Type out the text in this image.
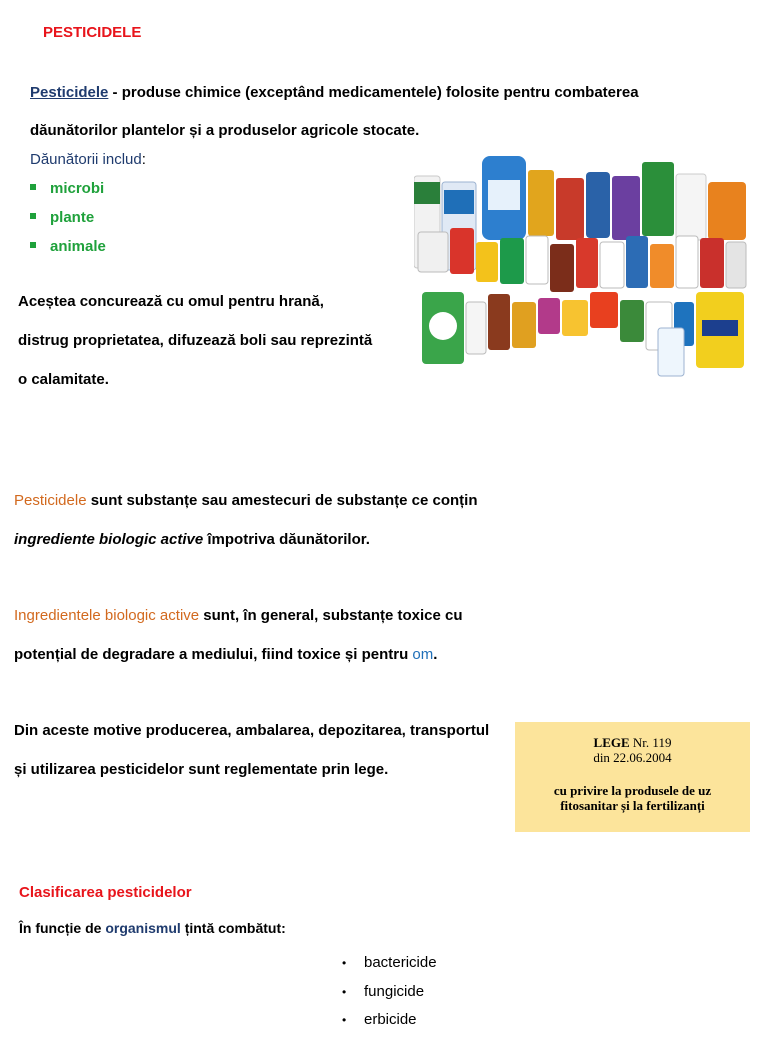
PESTICIDELE
Pesticidele - produse chimice (exceptând medicamentele) folosite pentru combaterea
dăunătorilor plantelor și a produselor agricole stocate.
Dăunătorii includ:
microbi
plante
animale
Aceștea concurează cu omul pentru hrană,
distrug proprietatea, difuzează boli sau reprezintă
o calamitate.
Pesticidele sunt substanțe sau amestecuri de substanțe ce conțin
ingrediente biologic active împotriva dăunătorilor.
Ingredientele biologic active sunt, în general, substanțe toxice cu
potențial de degradare a mediului, fiind toxice și pentru om.
Din aceste motive producerea, ambalarea, depozitarea, transportul
și utilizarea pesticidelor sunt reglementate prin lege.
LEGE Nr. 119
din 22.06.2004
cu privire la produsele de uz
fitosanitar și la fertilizanți
Clasificarea pesticidelor
În funcție de organismul țintă combătut:
• bactericide
• fungicide
• erbicide
